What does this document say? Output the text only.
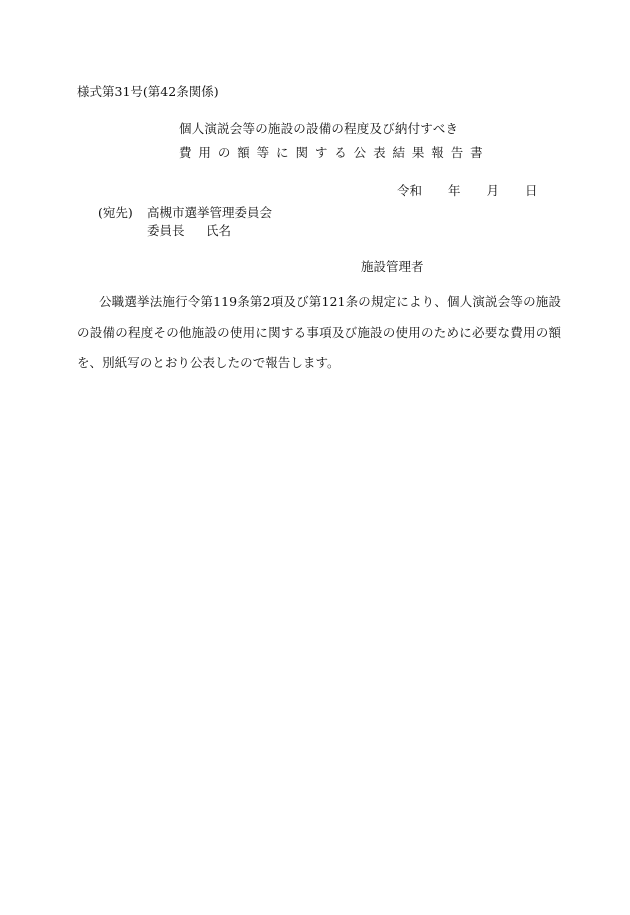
様式第31号(第42条関係)
個人演説会等の施設の設備の程度及び納付すべき
費 用 の 額 等 に 関 す る 公 表 結 果 報 告 書
令和 年 月 日
(宛先) 高槻市選挙管理委員会
委員長 氏名
施設管理者
公職選挙法施行令第119条第2項及び第121条の規定により、個人演説会等の施設の設備の程度その他施設の使用に関する事項及び施設の使用のために必要な費用の額を、別紙写のとおり公表したので報告します。
